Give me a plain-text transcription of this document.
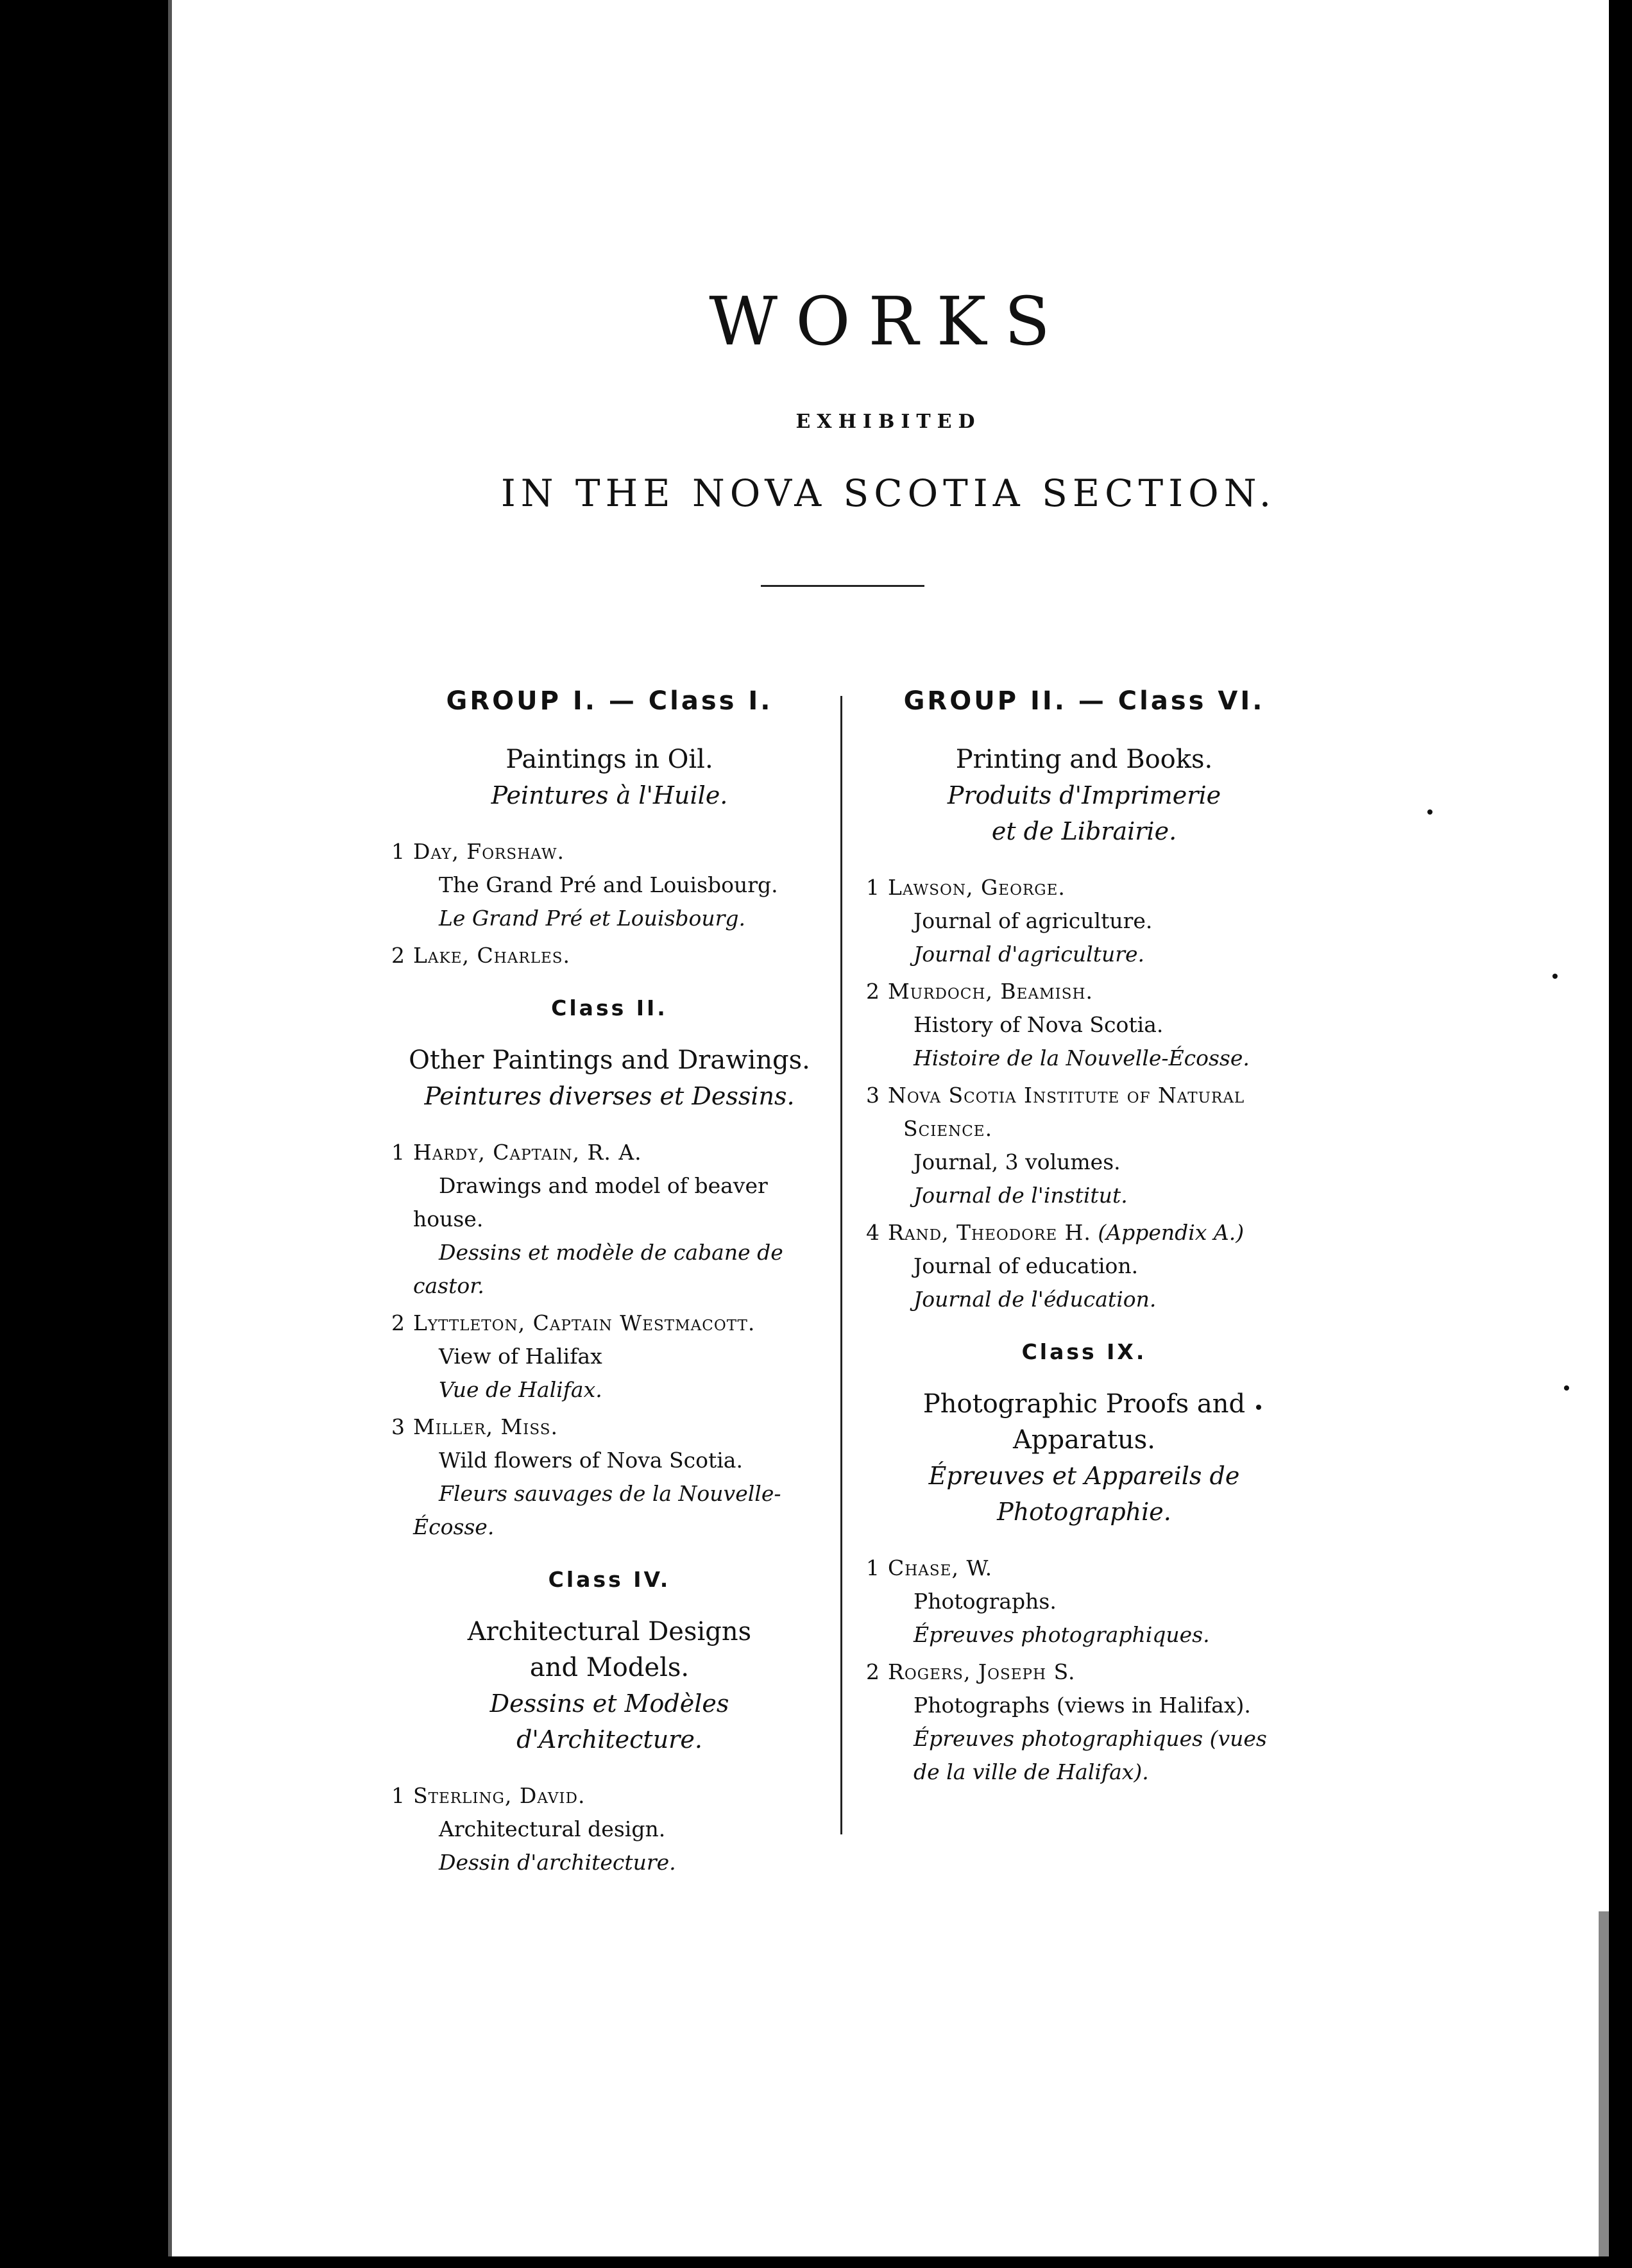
WORKS
EXHIBITED
IN THE NOVA SCOTIA SECTION.
GROUP I. — Class I.
Paintings in Oil.
Peintures à l'Huile.
1 Day, Forshaw.
The Grand Pré and Louisbourg.
Le Grand Pré et Louisbourg.
2 Lake, Charles.
Class II.
Other Paintings and Drawings.
Peintures diverses et Dessins.
1 Hardy, Captain, R. A.
Drawings and model of beaver
house.
Dessins et modèle de cabane de
castor.
2 Lyttleton, Captain Westmacott.
View of Halifax
Vue de Halifax.
3 Miller, Miss.
Wild flowers of Nova Scotia.
Fleurs sauvages de la Nouvelle-
Écosse.
Class IV.
Architectural Designs
and Models.
Dessins et Modèles
d'Architecture.
1 Sterling, David.
Architectural design.
Dessin d'architecture.
GROUP II. — Class VI.
Printing and Books.
Produits d'Imprimerie
et de Librairie.
1 Lawson, George.
Journal of agriculture.
Journal d'agriculture.
2 Murdoch, Beamish.
History of Nova Scotia.
Histoire de la Nouvelle-Écosse.
3 Nova Scotia Institute of Natural
Science.
Journal, 3 volumes.
Journal de l'institut.
4 Rand, Theodore H. (Appendix A.)
Journal of education.
Journal de l'éducation.
Class IX.
Photographic Proofs and
Apparatus.
Épreuves et Appareils de
Photographie.
1 Chase, W.
Photographs.
Épreuves photographiques.
2 Rogers, Joseph S.
Photographs (views in Halifax).
Épreuves photographiques (vues
de la ville de Halifax).
